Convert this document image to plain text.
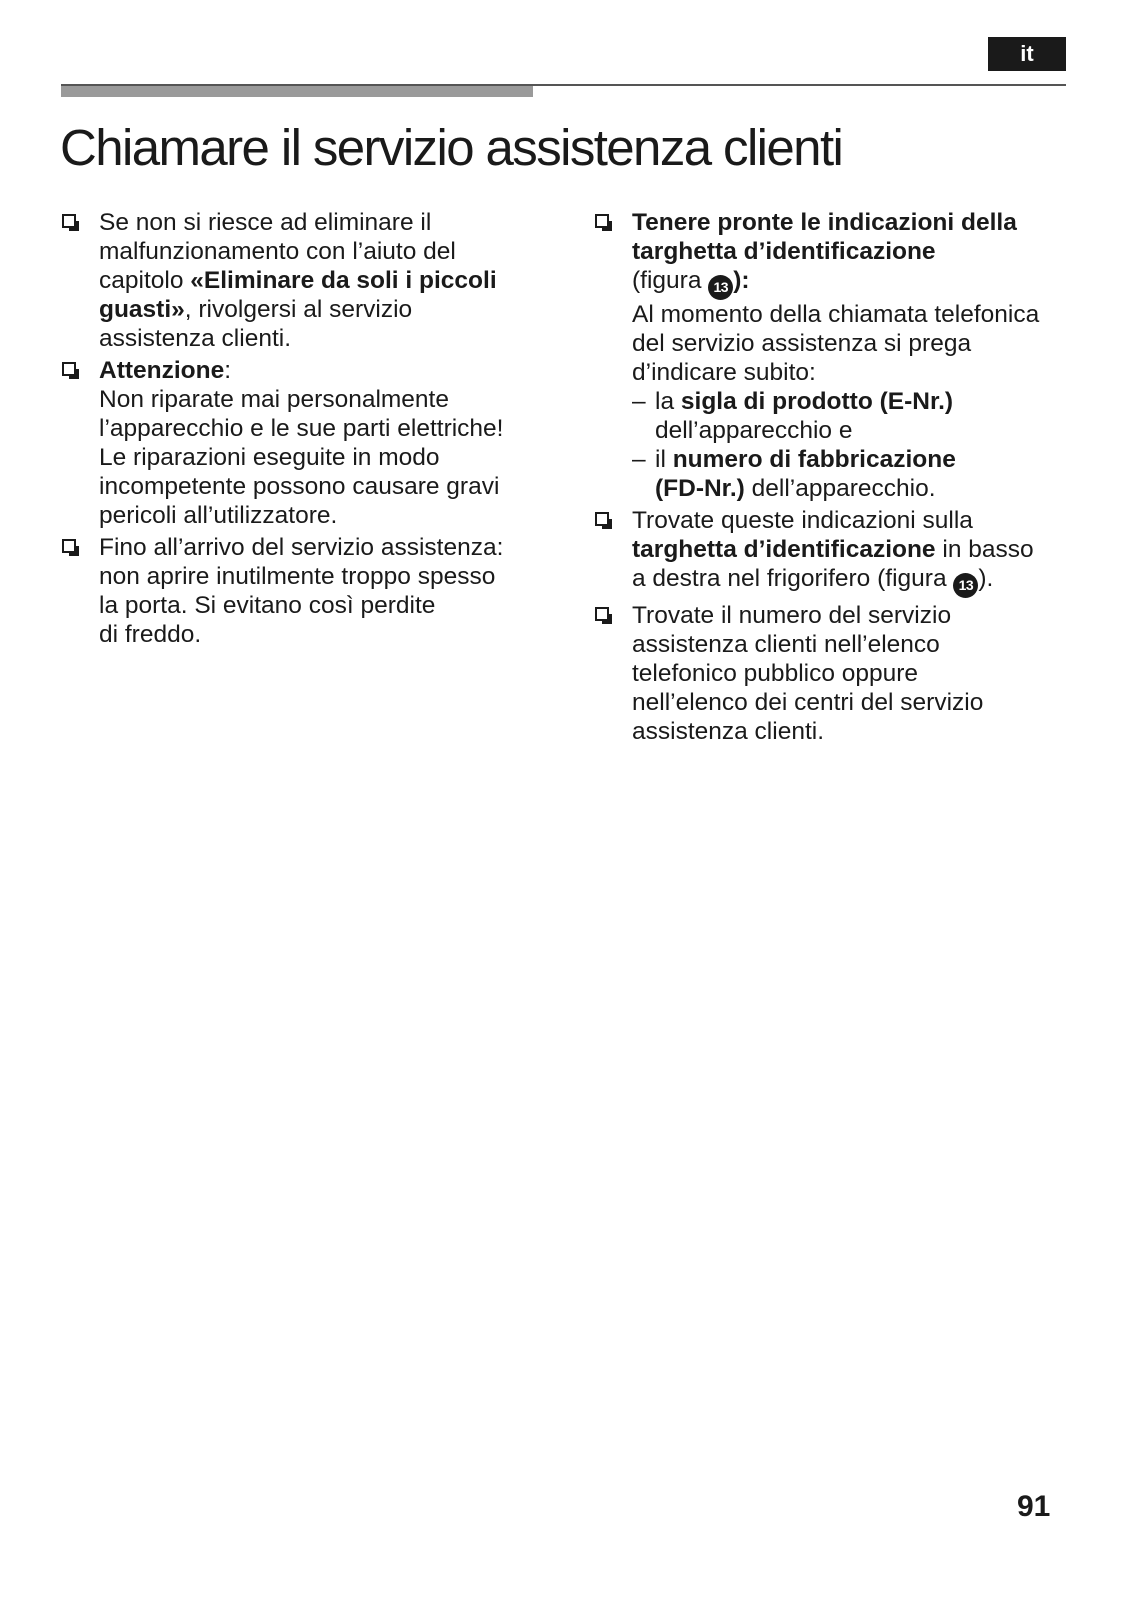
it
Chiamare il servizio assistenza clienti
Se non si riesce ad eliminare il
malfunzionamento con l’aiuto del
capitolo «Eliminare da soli i piccoli
guasti», rivolgersi al servizio
assistenza clienti.
Attenzione:
Non riparate mai personalmente
l’apparecchio e le sue parti elettriche!
Le riparazioni eseguite in modo
incompetente possono causare gravi
pericoli all’utilizzatore.
Fino all’arrivo del servizio assistenza:
non aprire inutilmente troppo spesso
la porta. Si evitano così perdite
di freddo.
Tenere pronte le indicazioni della
targhetta d’identificazione
(figura 13 ):
Al momento della chiamata telefonica
del servizio assistenza si prega
d’indicare subito:
– la sigla di prodotto (E-Nr.)
dell’apparecchio e
– il numero di fabbricazione
(FD-Nr.) dell’apparecchio.
Trovate queste indicazioni sulla
targhetta d’identificazione in basso
a destra nel frigorifero (figura 13 ).
Trovate il numero del servizio
assistenza clienti nell’elenco
telefonico pubblico oppure
nell’elenco dei centri del servizio
assistenza clienti.
91
